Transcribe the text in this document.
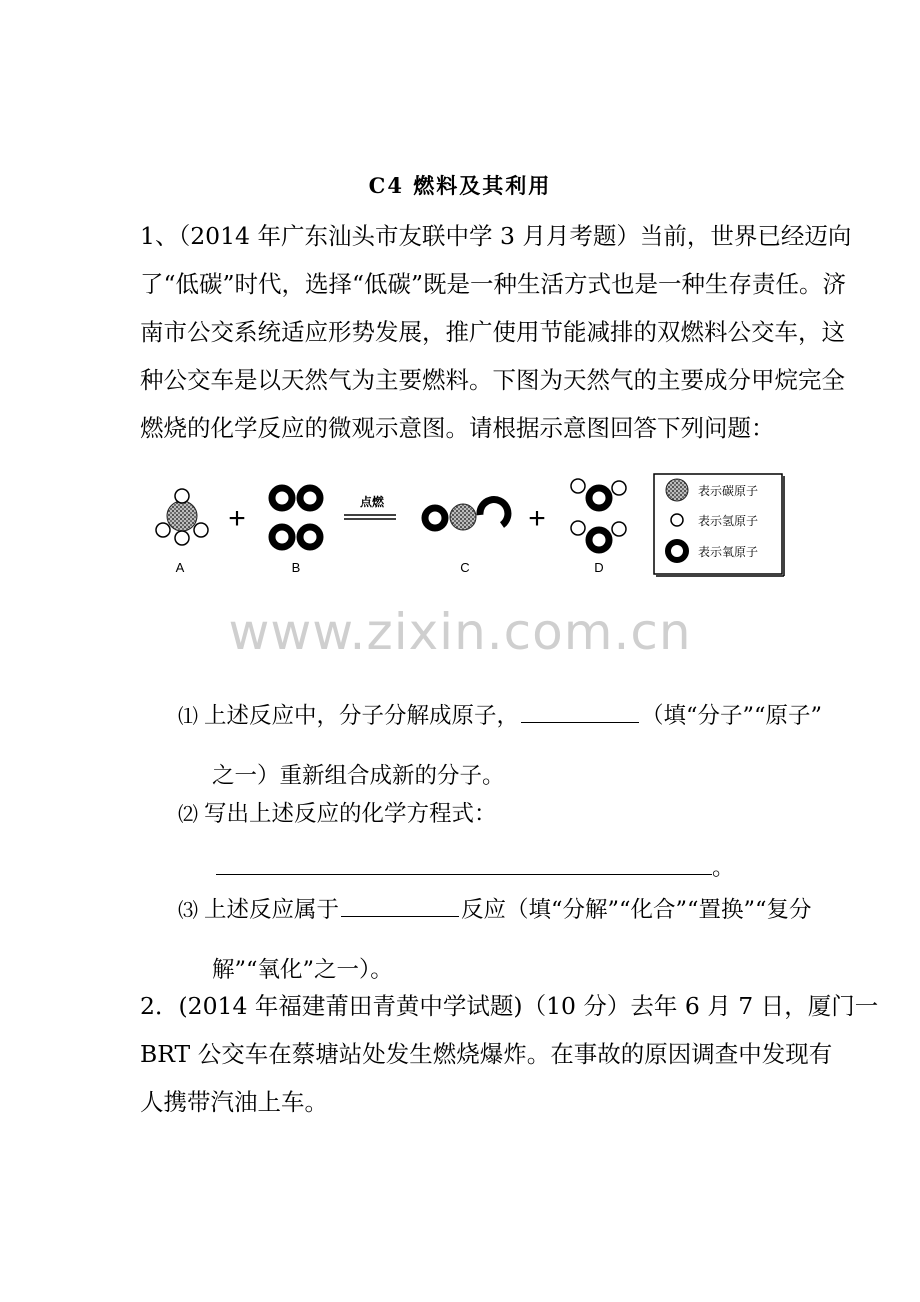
C4 燃料及其利用
1、（2014 年广东汕头市友联中学 3 月月考题）当前，世界已经迈向
了“低碳”时代，选择“低碳”既是一种生活方式也是一种生存责任。济
南市公交系统适应形势发展，推广使用节能减排的双燃料公交车，这
种公交车是以天然气为主要燃料。下图为天然气的主要成分甲烷完全
燃烧的化学反应的微观示意图。请根据示意图回答下列问题：
A
+
B
点燃
C
+
D
表示碳原子
表示氢原子
表示氧原子
www.zixin.com.cn
⑴ 上述反应中，分子分解成原子，	（填“分子”“原子”
之一）重新组合成新的分子。
⑵ 写出上述反应的化学方程式：
。
⑶ 上述反应属于	反应（填“分解”“化合”“置换”“复分
解”“氧化”之一）。
2．(2014 年福建莆田青黄中学试题)（10 分）去年 6 月 7 日，厦门一
BRT 公交车在蔡塘站处发生燃烧爆炸。在事故的原因调查中发现有
人携带汽油上车。
